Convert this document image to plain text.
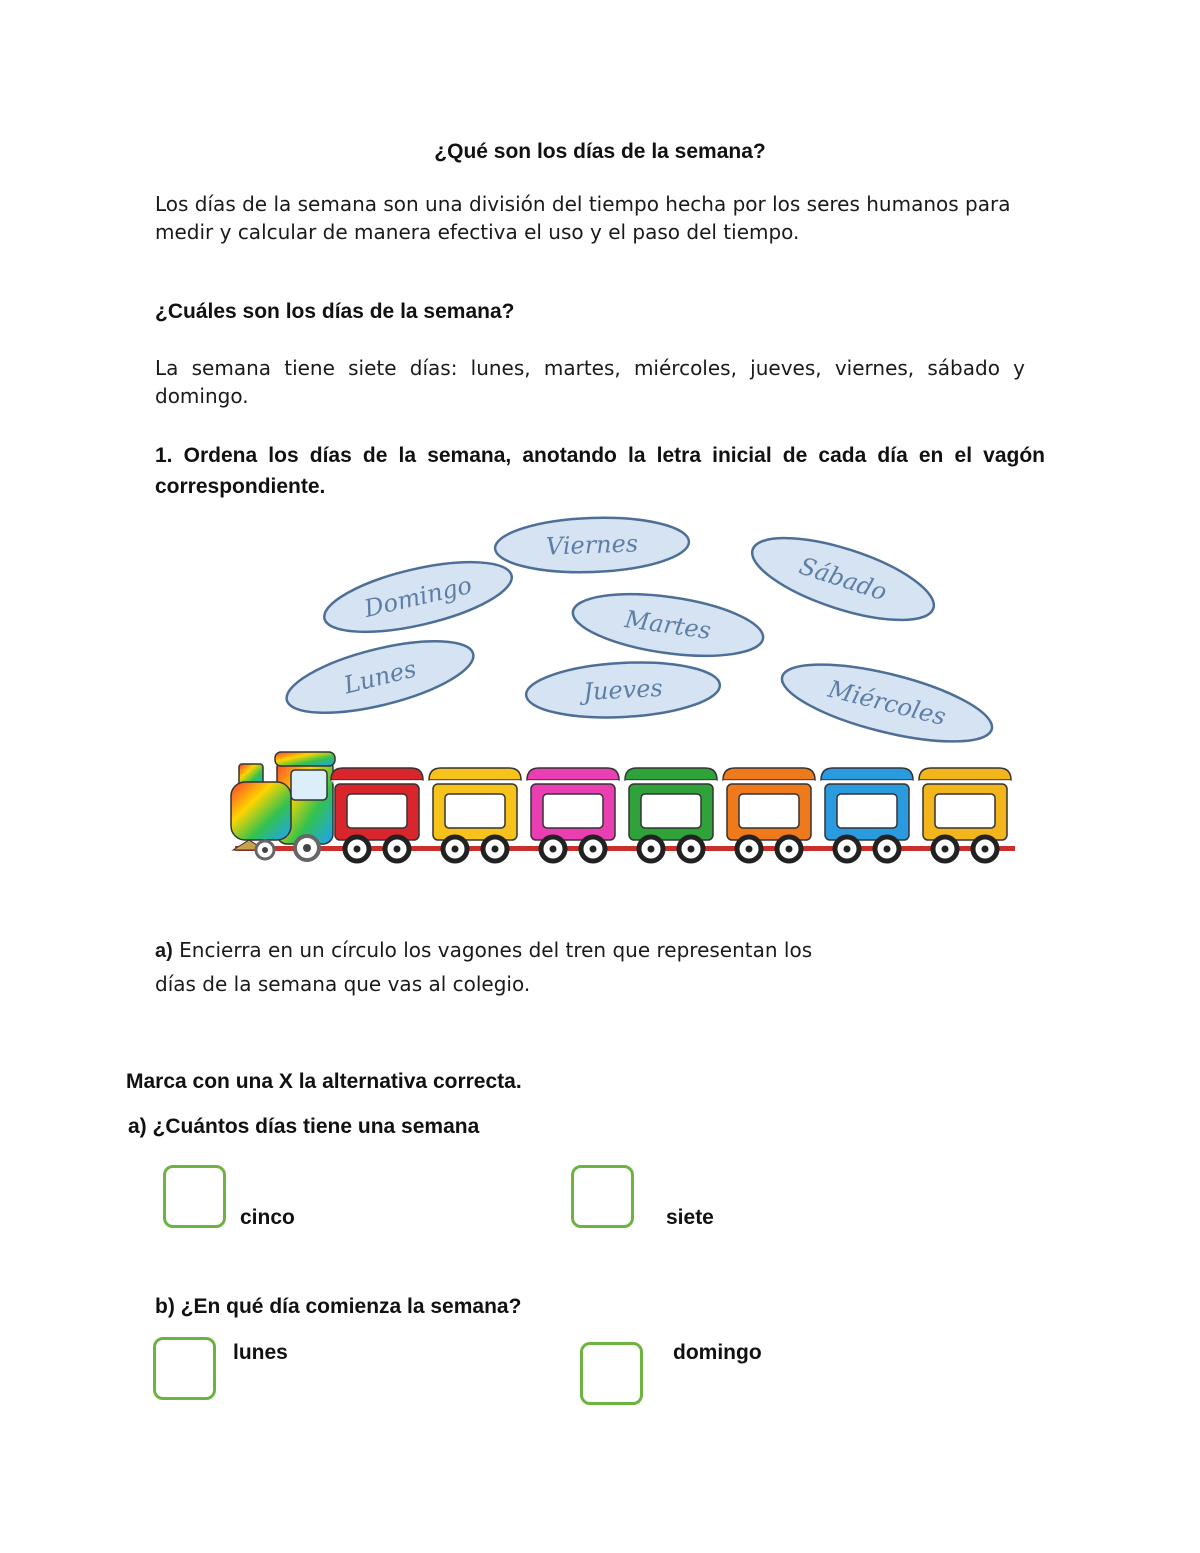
¿Qué son los días de la semana?
Los días de la semana son una división del tiempo hecha por los seres humanos para medir y calcular de manera efectiva el uso y el paso del tiempo.
¿Cuáles son los días de la semana?
La semana tiene siete días: lunes, martes, miércoles, jueves, viernes, sábado y domingo.
1. Ordena los días de la semana, anotando la letra inicial de cada día en el vagón correspondiente.
Viernes
Sábado
Domingo
Martes
Lunes	Jueves	Miércoles
a) Encierra en un círculo los vagones del tren que representan los
días de la semana que vas al colegio.
Marca con una X la alternativa correcta.
a) ¿Cuántos días tiene una semana
cinco	siete
b) ¿En qué día comienza la semana?
lunes	domingo
